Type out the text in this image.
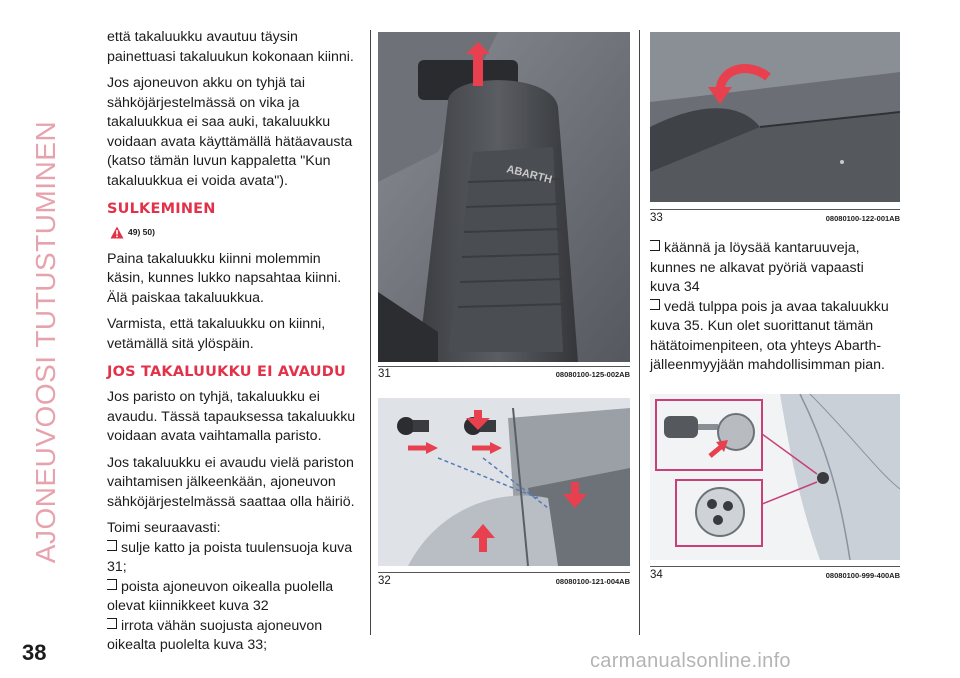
AJONEUVOOSI TUTUSTUMINEN

että takaluukku avautuu täysin painettuasi takaluukun kokonaan kiinni.

Jos ajoneuvon akku on tyhjä tai sähköjärjestelmässä on vika ja takaluukkua ei saa auki, takaluukku voidaan avata käyttämällä hätäavausta (katso tämän luvun kappaletta "Kun takaluukkua ei voida avata").

SULKEMINEN
49) 50)

Paina takaluukku kiinni molemmin käsin, kunnes lukko napsahtaa kiinni. Älä paiskaa takaluukkua.

Varmista, että takaluukku on kiinni, vetämällä sitä ylöspäin.

JOS TAKALUUKKU EI AVAUDU

Jos paristo on tyhjä, takaluukku ei avaudu. Tässä tapauksessa takaluukku voidaan avata vaihtamalla paristo.

Jos takaluukku ei avaudu vielä pariston vaihtamisen jälkeenkään, ajoneuvon sähköjärjestelmässä saattaa olla häiriö.

Toimi seuraavasti:

sulje katto ja poista tuulensuoja kuva 31;
poista ajoneuvon oikealla puolella olevat kiinnikkeet kuva 32
irrota vähän suojusta ajoneuvon oikealta puolelta kuva 33;
ABARTH
31	08080100-125-002AB
32	08080100-121-004AB
33	08080100-122-001AB
käännä ja löysää kantaruuveja, kunnes ne alkavat pyöriä vapaasti kuva 34
vedä tulppa pois ja avaa takaluukku kuva 35. Kun olet suorittanut tämän hätätoimenpiteen, ota yhteys Abarth-jälleenmyyjään mahdollisimman pian.
34	08080100-999-400AB
38	carmanualsonline.info
